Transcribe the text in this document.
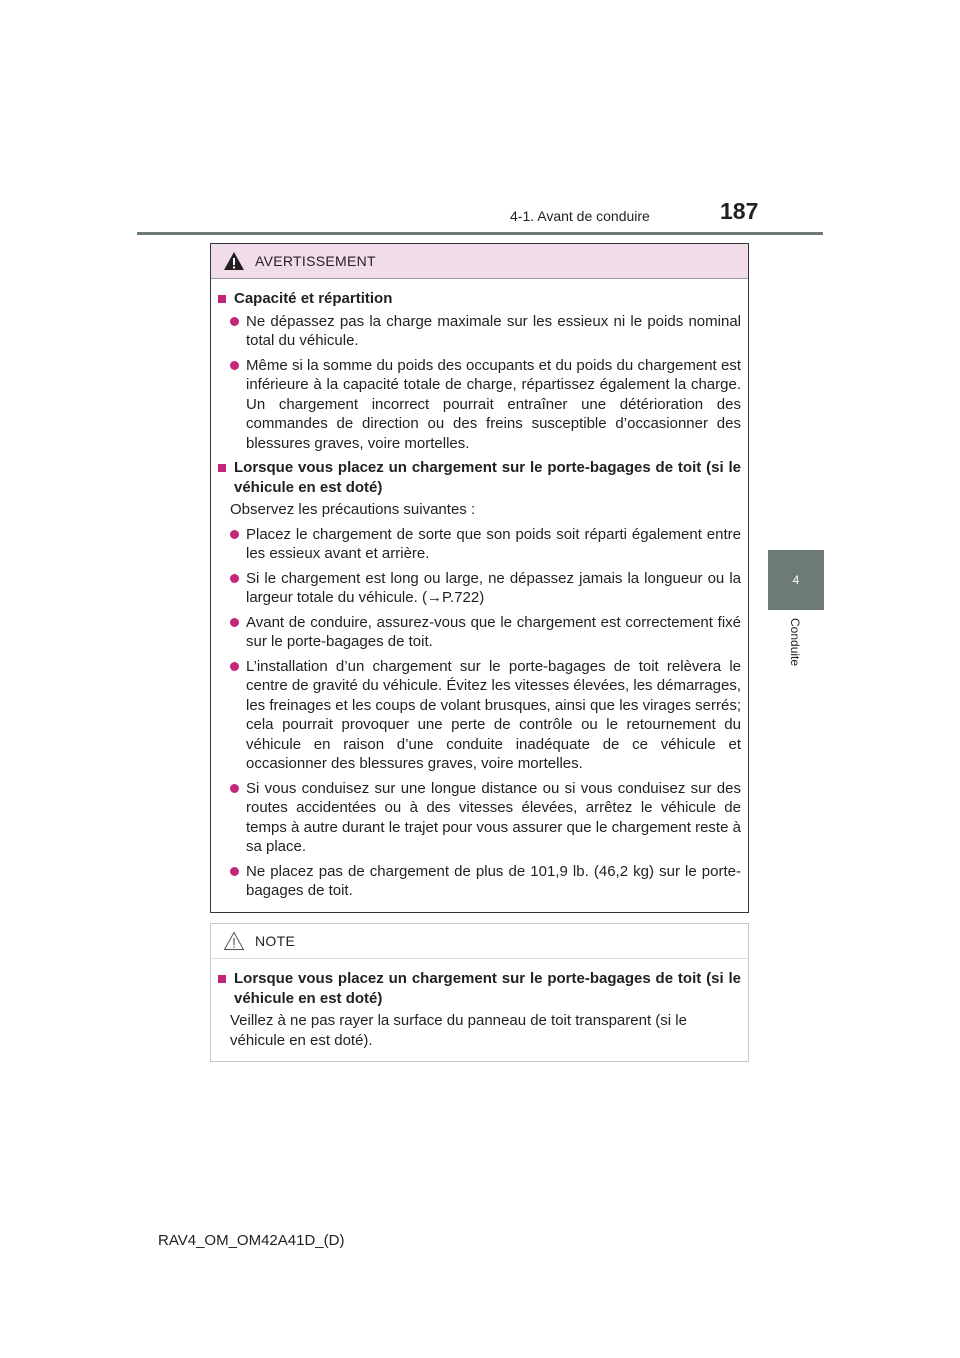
4-1. Avant de conduire	187
4
Conduite
AVERTISSEMENT
Capacité et répartition
Ne dépassez pas la charge maximale sur les essieux ni le poids nominal total du véhicule.
Même si la somme du poids des occupants et du poids du chargement est inférieure à la capacité totale de charge, répartissez également la charge. Un chargement incorrect pourrait entraîner une détérioration des commandes de direction ou des freins susceptible d’occasionner des blessures graves, voire mortelles.
Lorsque vous placez un chargement sur le porte-bagages de toit (si le véhicule en est doté)
Observez les précautions suivantes :
Placez le chargement de sorte que son poids soit réparti également entre les essieux avant et arrière.
Si le chargement est long ou large, ne dépassez jamais la longueur ou la largeur totale du véhicule. (→P.722)
Avant de conduire, assurez-vous que le chargement est correctement fixé sur le porte-bagages de toit.
L’installation d’un chargement sur le porte-bagages de toit relèvera le centre de gravité du véhicule. Évitez les vitesses élevées, les démarrages, les freinages et les coups de volant brusques, ainsi que les virages serrés; cela pourrait provoquer une perte de contrôle ou le retournement du véhicule en raison d’une conduite inadéquate de ce véhicule et occasionner des blessures graves, voire mortelles.
Si vous conduisez sur une longue distance ou si vous conduisez sur des routes accidentées ou à des vitesses élevées, arrêtez le véhicule de temps à autre durant le trajet pour vous assurer que le chargement reste à sa place.
Ne placez pas de chargement de plus de 101,9 lb. (46,2 kg) sur le porte-bagages de toit.
NOTE
Lorsque vous placez un chargement sur le porte-bagages de toit (si le véhicule en est doté)
Veillez à ne pas rayer la surface du panneau de toit transparent (si le véhicule en est doté).
RAV4_OM_OM42A41D_(D)
